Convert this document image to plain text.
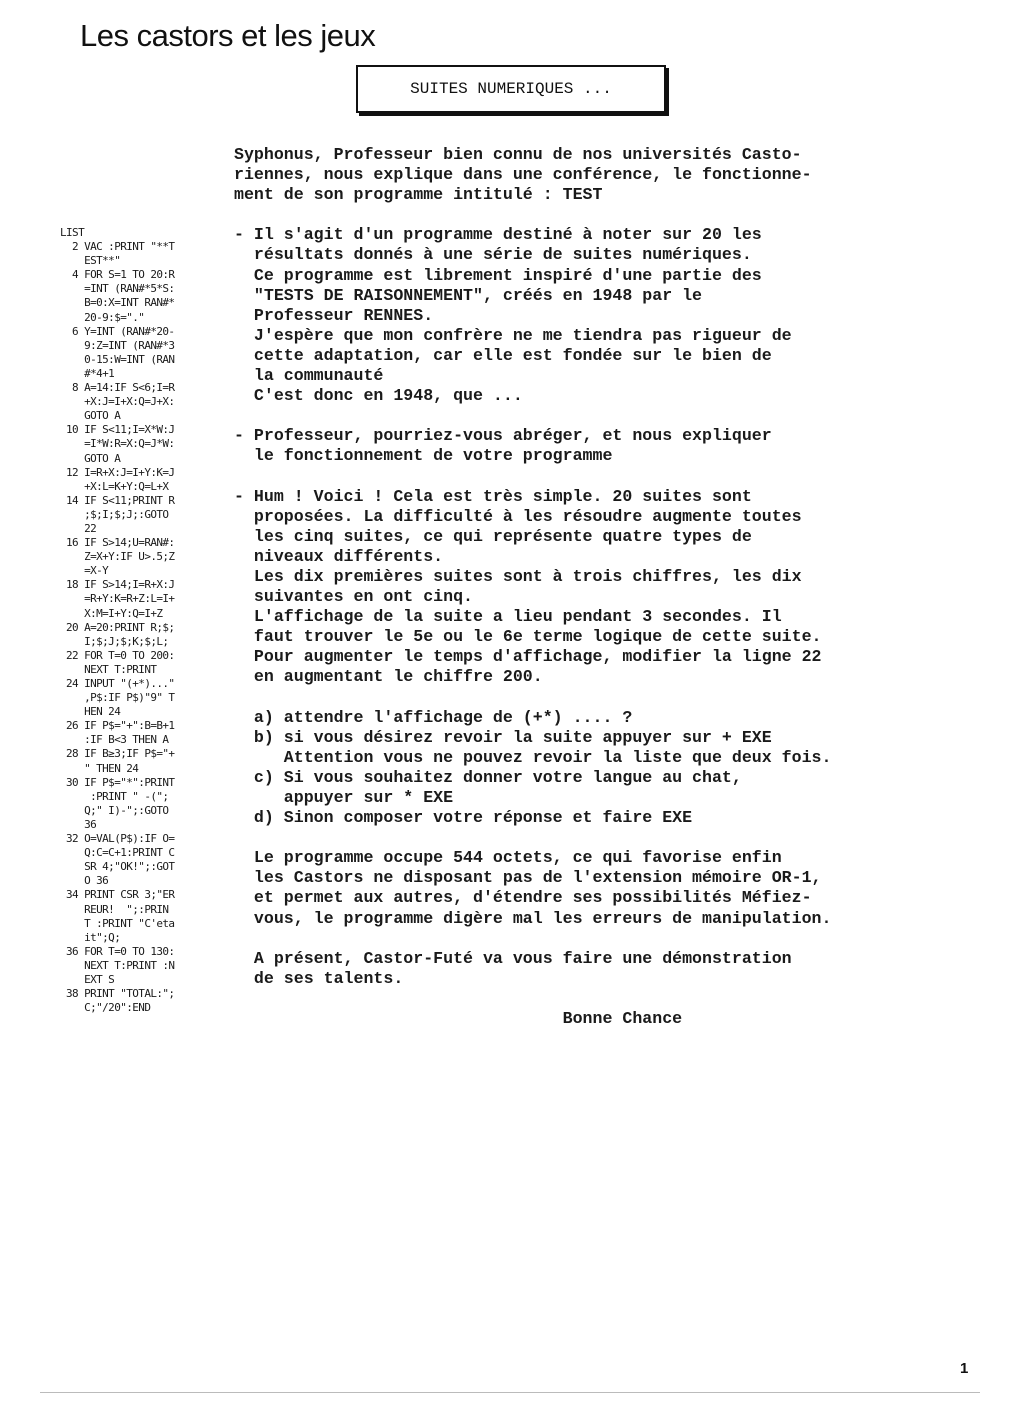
Les castors et les jeux
SUITES NUMERIQUES ...
LIST
2 VAC :PRINT "**T
EST**"
4 FOR S=1 TO 20:R
=INT (RAN#*5*S:
B=0:X=INT RAN#*
20-9:$="."
6 Y=INT (RAN#*20-
9:Z=INT (RAN#*3
0-15:W=INT (RAN
#*4+1
8 A=14:IF S<6;I=R
+X:J=I+X:Q=J+X:
GOTO A
10 IF S<11;I=X*W:J
=I*W:R=X:Q=J*W:
GOTO A
12 I=R+X:J=I+Y:K=J
+X:L=K+Y:Q=L+X
14 IF S<11;PRINT R
;$;I;$;J;:GOTO
22
16 IF S>14;U=RAN#:
Z=X+Y:IF U>.5;Z
=X-Y
18 IF S>14;I=R+X:J
=R+Y:K=R+Z:L=I+
X:M=I+Y:Q=I+Z
20 A=20:PRINT R;$;
I;$;J;$;K;$;L;
22 FOR T=0 TO 200:
NEXT T:PRINT
24 INPUT "(+*)..."
,P$:IF P$)"9" T
HEN 24
26 IF P$="+":B=B+1
:IF B<3 THEN A
28 IF B≥3;IF P$="+
" THEN 24
30 IF P$="*":PRINT
:PRINT " -(";
Q;" I)-";:GOTO
36
32 O=VAL(P$):IF O=
Q:C=C+1:PRINT C
SR 4;"OK!";:GOT
O 36
34 PRINT CSR 3;"ER
REUR!  ";:PRIN
T :PRINT "C'eta
it";Q;
36 FOR T=0 TO 130:
NEXT T:PRINT :N
EXT S
38 PRINT "TOTAL:";
C;"/20":END
Syphonus, Professeur bien connu de nos universités Casto-
riennes, nous explique dans une conférence, le fonctionne-
ment de son programme intitulé : TEST
- Il s'agit d'un programme destiné à noter sur 20 les
résultats donnés à une série de suites numériques.
Ce programme est librement inspiré d'une partie des
"TESTS DE RAISONNEMENT", créés en 1948 par le
Professeur RENNES.
J'espère que mon confrère ne me tiendra pas rigueur de
cette adaptation, car elle est fondée sur le bien de
la communauté
C'est donc en 1948, que ...
- Professeur, pourriez-vous abréger, et nous expliquer
le fonctionnement de votre programme
- Hum ! Voici ! Cela est très simple. 20 suites sont
proposées. La difficulté à les résoudre augmente toutes
les cinq suites, ce qui représente quatre types de
niveaux différents.
Les dix premières suites sont à trois chiffres, les dix
suivantes en ont cinq.
L'affichage de la suite a lieu pendant 3 secondes. Il
faut trouver le 5e ou le 6e terme logique de cette suite.
Pour augmenter le temps d'affichage, modifier la ligne 22
en augmentant le chiffre 200.
a) attendre l'affichage de (+*) .... ?
b) si vous désirez revoir la suite appuyer sur + EXE
Attention vous ne pouvez revoir la liste que deux fois.
c) Si vous souhaitez donner votre langue au chat,
appuyer sur * EXE
d) Sinon composer votre réponse et faire EXE
Le programme occupe 544 octets, ce qui favorise enfin
les Castors ne disposant pas de l'extension mémoire OR-1,
et permet aux autres, d'étendre ses possibilités Méfiez-
vous, le programme digère mal les erreurs de manipulation.
A présent, Castor-Futé va vous faire une démonstration
de ses talents.
Bonne Chance
1
